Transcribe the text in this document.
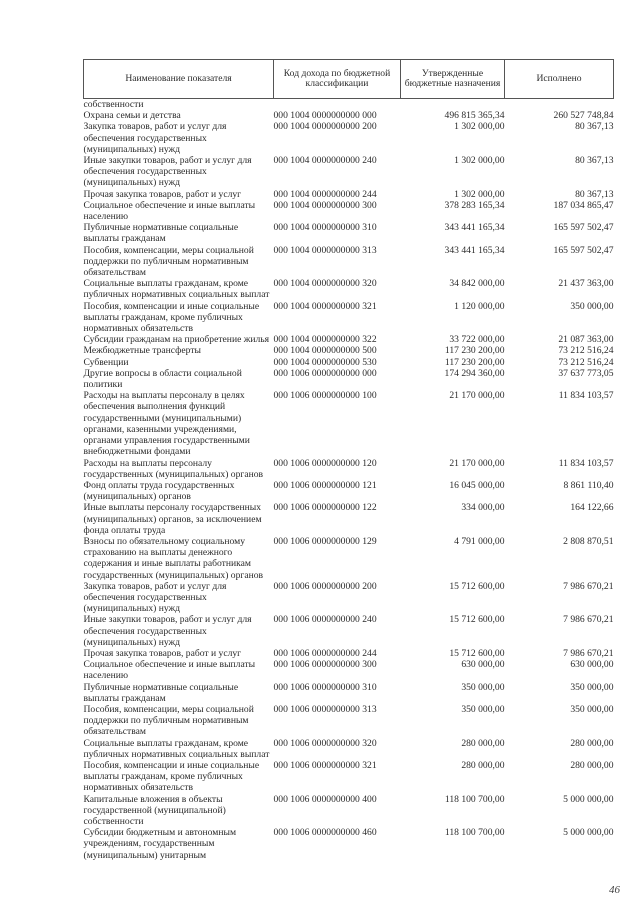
Наименование показателя	Код дохода по бюджетной классификации	Утвержденные бюджетные назначения	Исполнено
собственности			
Охрана семьи и детства	000 1004 0000000000 000	496 815 365,34	260 527 748,84
Закупка товаров, работ и услуг для обеспечения государственных (муниципальных) нужд	000 1004 0000000000 200	1 302 000,00	80 367,13
Иные закупки товаров, работ и услуг для обеспечения государственных (муниципальных) нужд	000 1004 0000000000 240	1 302 000,00	80 367,13
Прочая закупка товаров, работ и услуг	000 1004 0000000000 244	1 302 000,00	80 367,13
Социальное обеспечение и иные выплаты населению	000 1004 0000000000 300	378 283 165,34	187 034 865,47
Публичные нормативные социальные выплаты гражданам	000 1004 0000000000 310	343 441 165,34	165 597 502,47
Пособия, компенсации, меры социальной поддержки по публичным нормативным обязательствам	000 1004 0000000000 313	343 441 165,34	165 597 502,47
Социальные выплаты гражданам, кроме публичных нормативных социальных выплат	000 1004 0000000000 320	34 842 000,00	21 437 363,00
Пособия, компенсации и иные социальные выплаты гражданам, кроме публичных нормативных обязательств	000 1004 0000000000 321	1 120 000,00	350 000,00
Субсидии гражданам на приобретение жилья	000 1004 0000000000 322	33 722 000,00	21 087 363,00
Межбюджетные трансферты	000 1004 0000000000 500	117 230 200,00	73 212 516,24
Субвенции	000 1004 0000000000 530	117 230 200,00	73 212 516,24
Другие вопросы в области социальной политики	000 1006 0000000000 000	174 294 360,00	37 637 773,05
Расходы на выплаты персоналу в целях обеспечения выполнения функций государственными (муниципальными) органами, казенными учреждениями, органами управления государственными внебюджетными фондами	000 1006 0000000000 100	21 170 000,00	11 834 103,57
Расходы на выплаты персоналу государственных (муниципальных) органов	000 1006 0000000000 120	21 170 000,00	11 834 103,57
Фонд оплаты труда государственных (муниципальных) органов	000 1006 0000000000 121	16 045 000,00	8 861 110,40
Иные выплаты персоналу государственных (муниципальных) органов, за исключением фонда оплаты труда	000 1006 0000000000 122	334 000,00	164 122,66
Взносы по обязательному социальному страхованию на выплаты денежного содержания и иные выплаты работникам государственных (муниципальных) органов	000 1006 0000000000 129	4 791 000,00	2 808 870,51
Закупка товаров, работ и услуг для обеспечения государственных (муниципальных) нужд	000 1006 0000000000 200	15 712 600,00	7 986 670,21
Иные закупки товаров, работ и услуг для обеспечения государственных (муниципальных) нужд	000 1006 0000000000 240	15 712 600,00	7 986 670,21
Прочая закупка товаров, работ и услуг	000 1006 0000000000 244	15 712 600,00	7 986 670,21
Социальное обеспечение и иные выплаты населению	000 1006 0000000000 300	630 000,00	630 000,00
Публичные нормативные социальные выплаты гражданам	000 1006 0000000000 310	350 000,00	350 000,00
Пособия, компенсации, меры социальной поддержки по публичным нормативным обязательствам	000 1006 0000000000 313	350 000,00	350 000,00
Социальные выплаты гражданам, кроме публичных нормативных социальных выплат	000 1006 0000000000 320	280 000,00	280 000,00
Пособия, компенсации и иные социальные выплаты гражданам, кроме публичных нормативных обязательств	000 1006 0000000000 321	280 000,00	280 000,00
Капитальные вложения в объекты государственной (муниципальной) собственности	000 1006 0000000000 400	118 100 700,00	5 000 000,00
Субсидии бюджетным и автономным учреждениям, государственным (муниципальным) унитарным	000 1006 0000000000 460	118 100 700,00	5 000 000,00
46
